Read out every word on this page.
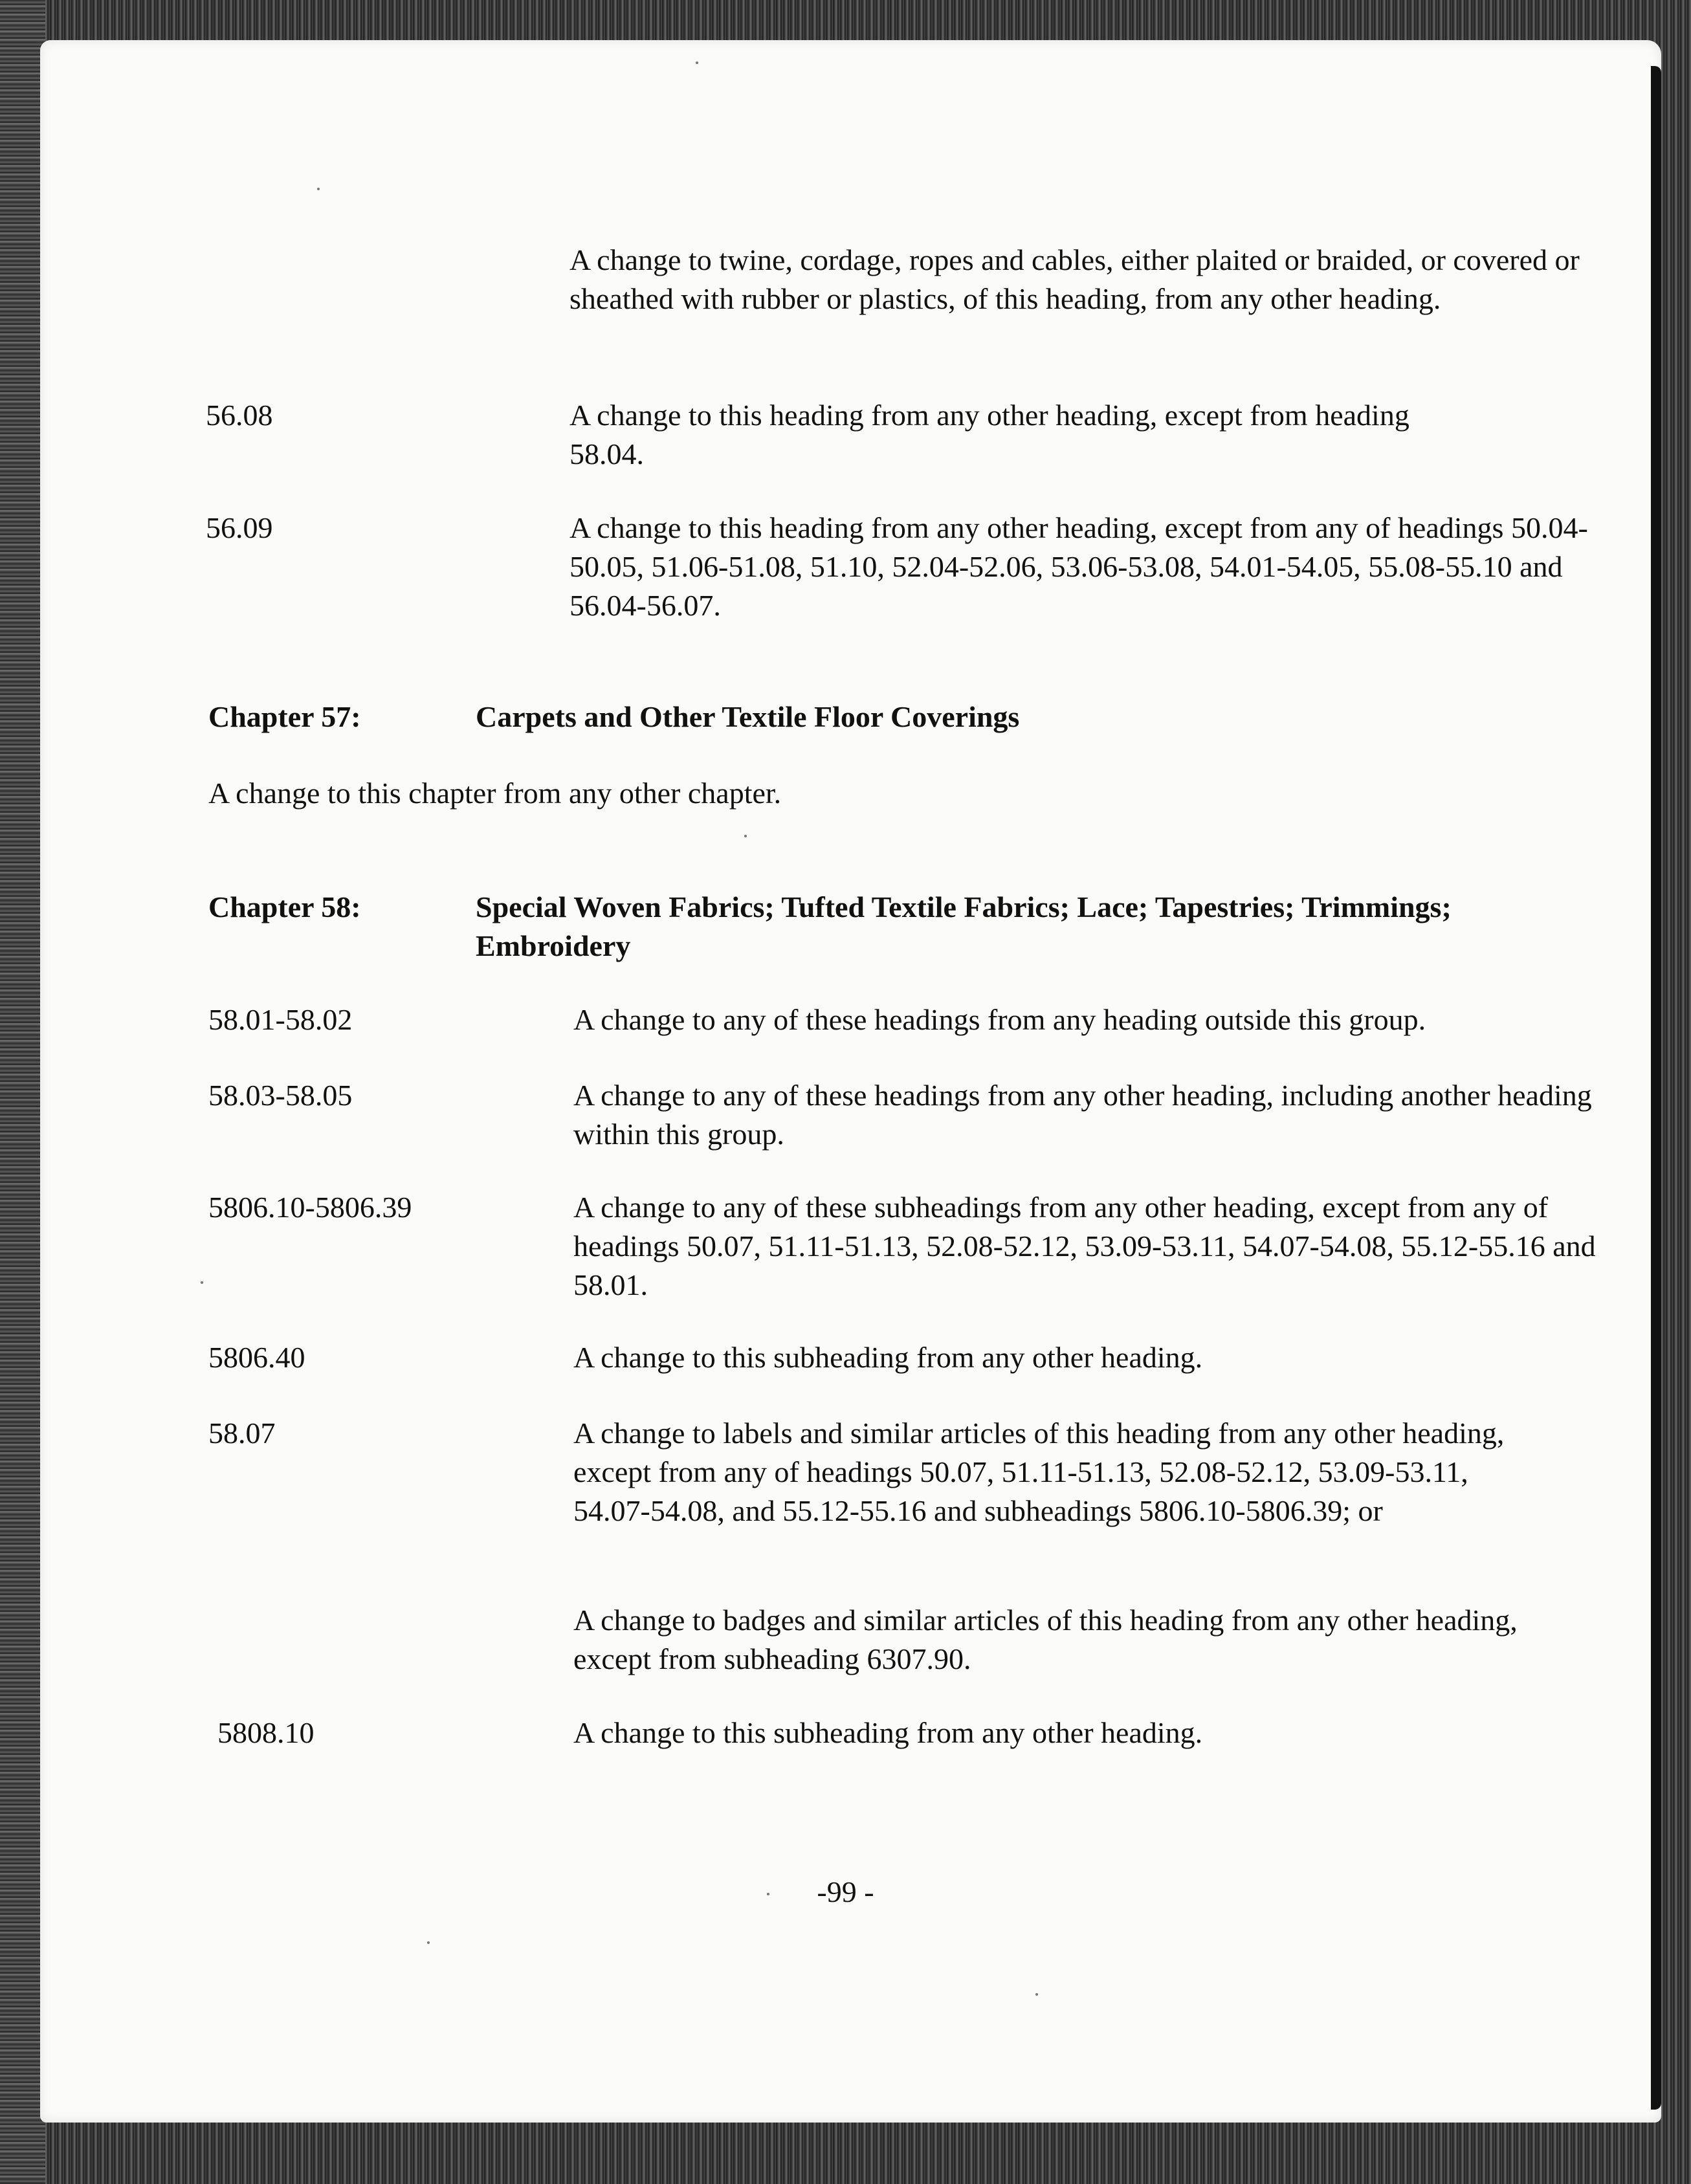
A change to twine, cordage, ropes and cables, either plaited or braided, or covered or sheathed with rubber or plastics, of this heading, from any other heading.
56.08	A change to this heading from any other heading, except from heading 58.04.
56.09	A change to this heading from any other heading, except from any of headings 50.04-50.05, 51.06-51.08, 51.10, 52.04-52.06, 53.06-53.08, 54.01-54.05, 55.08-55.10 and 56.04-56.07.
Chapter 57:	Carpets and Other Textile Floor Coverings
A change to this chapter from any other chapter.
Chapter 58:	Special Woven Fabrics; Tufted Textile Fabrics; Lace; Tapestries; Trimmings; Embroidery
58.01-58.02	A change to any of these headings from any heading outside this group.
58.03-58.05	A change to any of these headings from any other heading, including another heading within this group.
5806.10-5806.39	A change to any of these subheadings from any other heading, except from any of headings 50.07, 51.11-51.13, 52.08-52.12, 53.09-53.11, 54.07-54.08, 55.12-55.16 and 58.01.
5806.40	A change to this subheading from any other heading.
58.07	A change to labels and similar articles of this heading from any other heading, except from any of headings 50.07, 51.11-51.13, 52.08-52.12, 53.09-53.11, 54.07-54.08, and 55.12-55.16 and subheadings 5806.10-5806.39; or
A change to badges and similar articles of this heading from any other heading, except from subheading 6307.90.
5808.10	A change to this subheading from any other heading.
-99 -
